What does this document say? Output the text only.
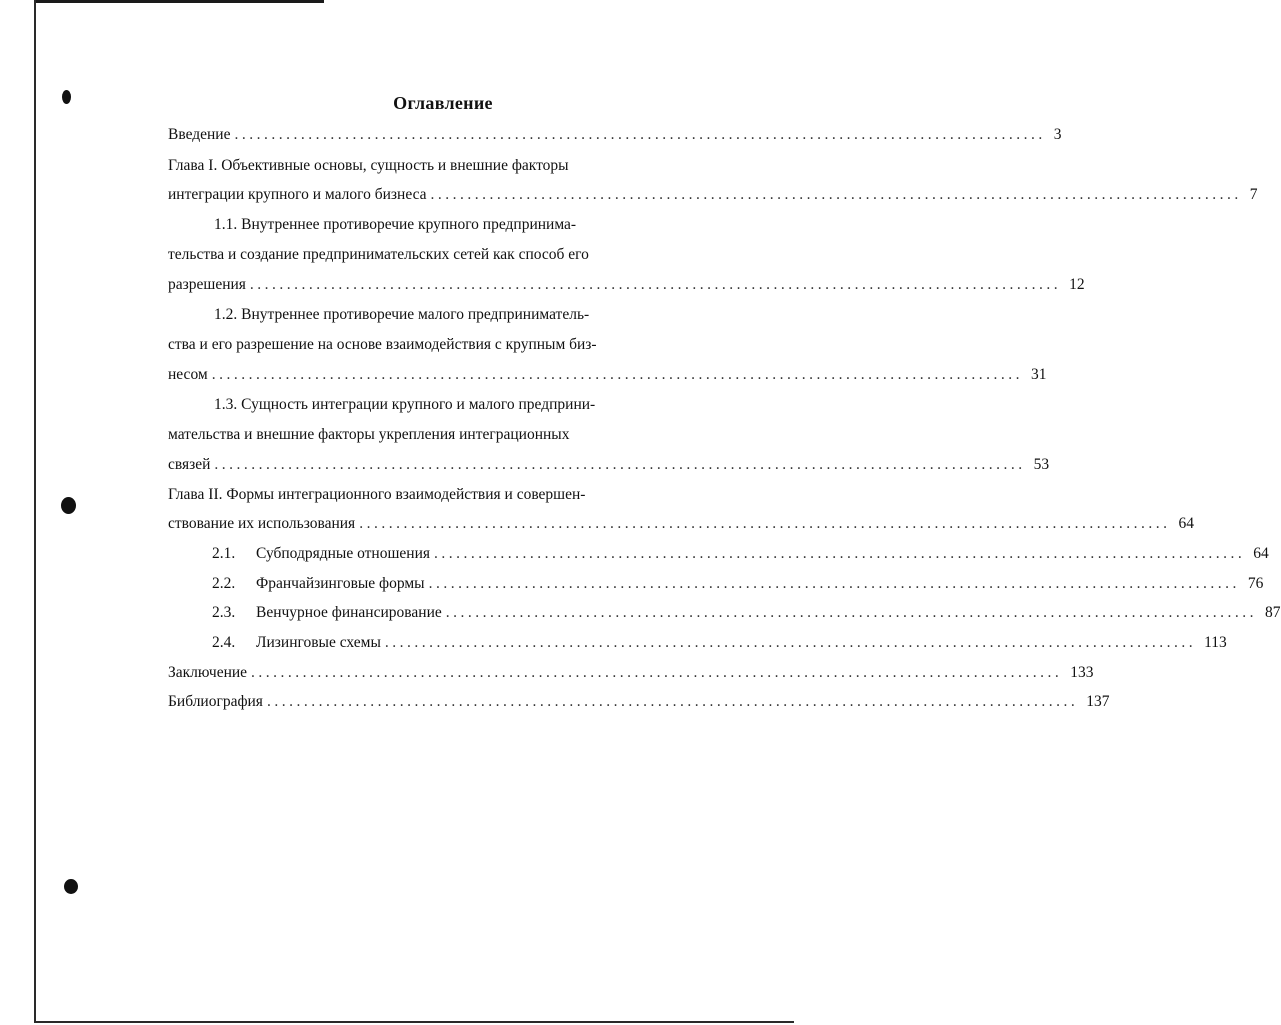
Оглавление
Введение .............................................................................................................. 3
Глава I. Объективные основы, сущность и внешние факторы
интеграции крупного и малого бизнеса .............................................................................................................. 7
1.1. Внутреннее противоречие крупного предпринима-
тельства и создание предпринимательских сетей как способ его
разрешения .............................................................................................................. 12
1.2. Внутреннее противоречие малого предприниматель-
ства и его разрешение на основе взаимодействия с крупным биз-
несом .............................................................................................................. 31
1.3. Сущность интеграции крупного и малого предприни-
мательства и внешние факторы укрепления интеграционных
связей .............................................................................................................. 53
Глава II. Формы интеграционного взаимодействия и совершен-
ствование их использования .............................................................................................................. 64
2.1. Субподрядные отношения .............................................................................................................. 64
2.2. Франчайзинговые формы .............................................................................................................. 76
2.3. Венчурное финансирование .............................................................................................................. 87
2.4. Лизинговые схемы .............................................................................................................. 113
Заключение .............................................................................................................. 133
Библиография .............................................................................................................. 137
